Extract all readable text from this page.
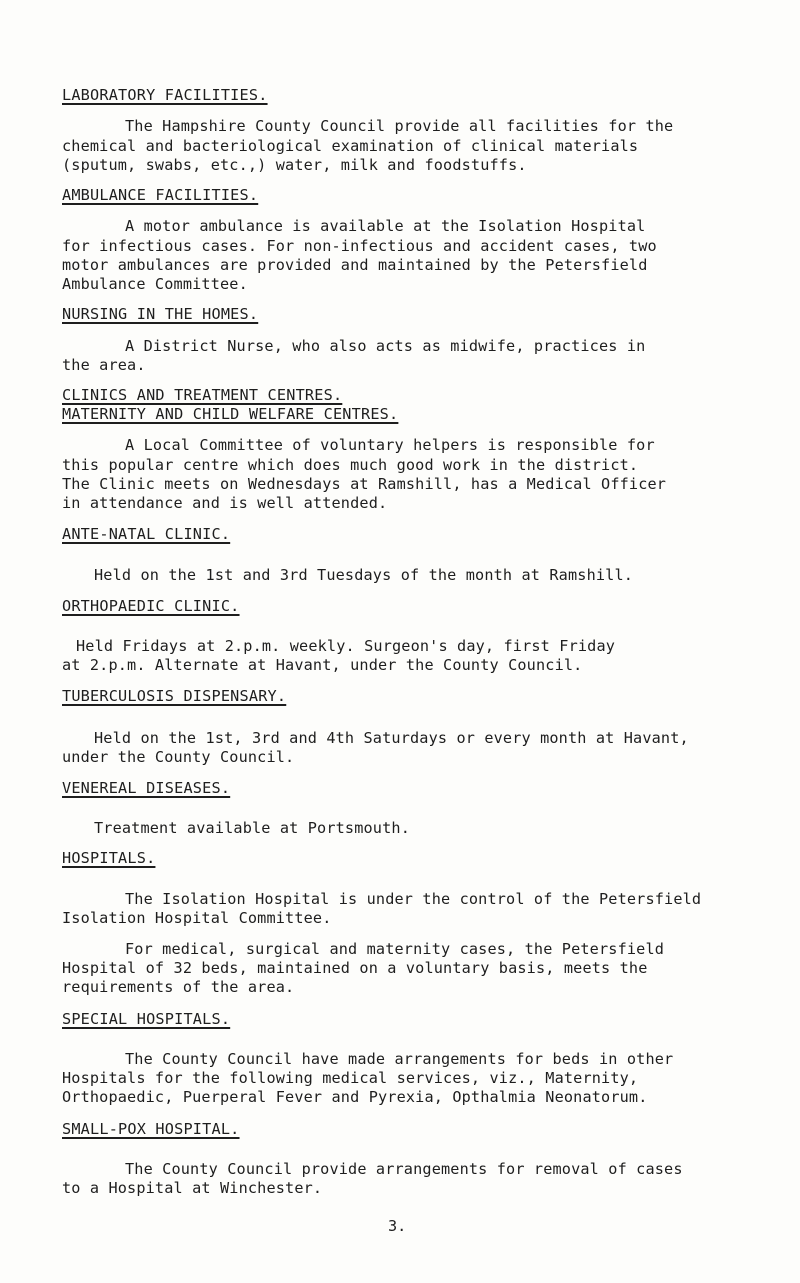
LABORATORY FACILITIES.
The Hampshire County Council provide all facilities for the
chemical and bacteriological examination of clinical materials
(sputum, swabs, etc.,) water, milk and foodstuffs.
AMBULANCE FACILITIES.
A motor ambulance is available at the Isolation Hospital
for infectious cases. For non-infectious and accident cases, two
motor ambulances are provided and maintained by the Petersfield
Ambulance Committee.
NURSING IN THE HOMES.
A District Nurse, who also acts as midwife, practices in
the area.
CLINICS AND TREATMENT CENTRES.
MATERNITY AND CHILD WELFARE CENTRES.
A Local Committee of voluntary helpers is responsible for
this popular centre which does much good work in the district.
The Clinic meets on Wednesdays at Ramshill, has a Medical Officer
in attendance and is well attended.
ANTE-NATAL CLINIC.
Held on the 1st and 3rd Tuesdays of the month at Ramshill.
ORTHOPAEDIC CLINIC.
Held Fridays at 2.p.m. weekly. Surgeon's day, first Friday
at 2.p.m. Alternate at Havant, under the County Council.
TUBERCULOSIS DISPENSARY.
Held on the 1st, 3rd and 4th Saturdays or every month at Havant,
under the County Council.
VENEREAL DISEASES.
Treatment available at Portsmouth.
HOSPITALS.
The Isolation Hospital is under the control of the Petersfield
Isolation Hospital Committee.
For medical, surgical and maternity cases, the Petersfield
Hospital of 32 beds, maintained on a voluntary basis, meets the
requirements of the area.
SPECIAL HOSPITALS.
The County Council have made arrangements for beds in other
Hospitals for the following medical services, viz., Maternity,
Orthopaedic, Puerperal Fever and Pyrexia, Opthalmia Neonatorum.
SMALL-POX HOSPITAL.
The County Council provide arrangements for removal of cases
to a Hospital at Winchester.
3.
